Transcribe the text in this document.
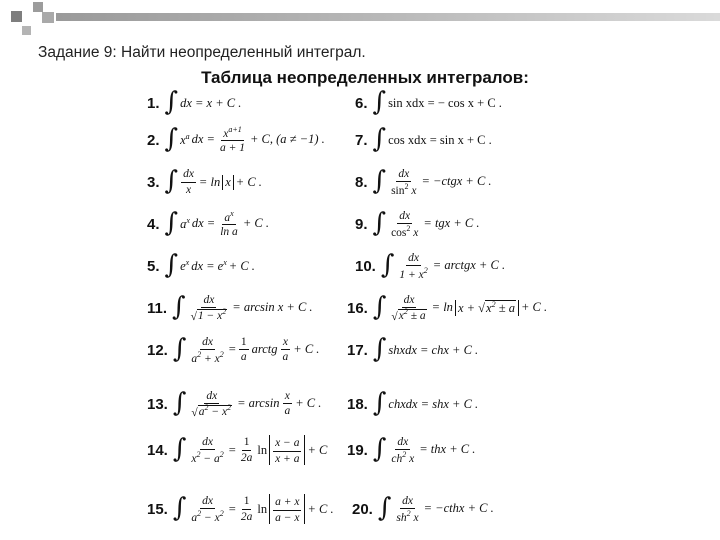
Задание 9: Найти неопределенный интеграл.
Таблица неопределенных интегралов:
1. ∫ dx = x + C .
2. ∫ $x^a$ dx = $\frac{x^{a+1}}{a + 1} + C$, (a ≠ −1) .
3. ∫ $\frac{dx}{x} = \ln x + C$ .
4. ∫ $a^x$ dx = $\frac{a^x}{\text{ln a}} + C$ .
5. ∫ $e^x$ dx = $e^x + C$ .
6. ∫ sin xdx = − cos x + C .
7. ∫ cos xdx = sin x + C .
8. ∫ $\frac{dx}{\sin^2 x}$ = −ctgx + C .
9. ∫ $\frac{dx}{\cos^2 x}$ = tgx + C .
10. ∫ $\frac{dx}{1 + x^2}$ = arctgx + C .
11. ∫ $\frac{dx}{√1 - x^2} = \arcsin x + C$ . 16. ∫ $\frac{dx}{√x^2 \pm a} = \ln x + √x^2 \pm a + C$ .
12. ∫ $\frac{dx}{a^2 + x^2} = \frac{1}{a}$ arctg $\frac{x}{a} + C$ . 17. ∫ shxdx = chx + C .
13. ∫ $\frac{dx}{√a^2 - x^2} = \arcsin \frac{x}{a} + C$ . 18. ∫ chxdx = shx + C .
14. ∫ $\frac{dx}{x^2 - a^2} = \frac{1}{2a}$ $\ln \frac{x - a}{x + a} + C$ 19. ∫ $\frac{dx}{ch^2 x}$ = thx + C .
15. ∫ $\frac{dx}{a^2 - x^2} = \frac{1}{2a}$ $\ln \frac{a + x}{a - x} + C$ . 20. ∫ $\frac{dx}{sh^2 x}$ = −cthx + C .
